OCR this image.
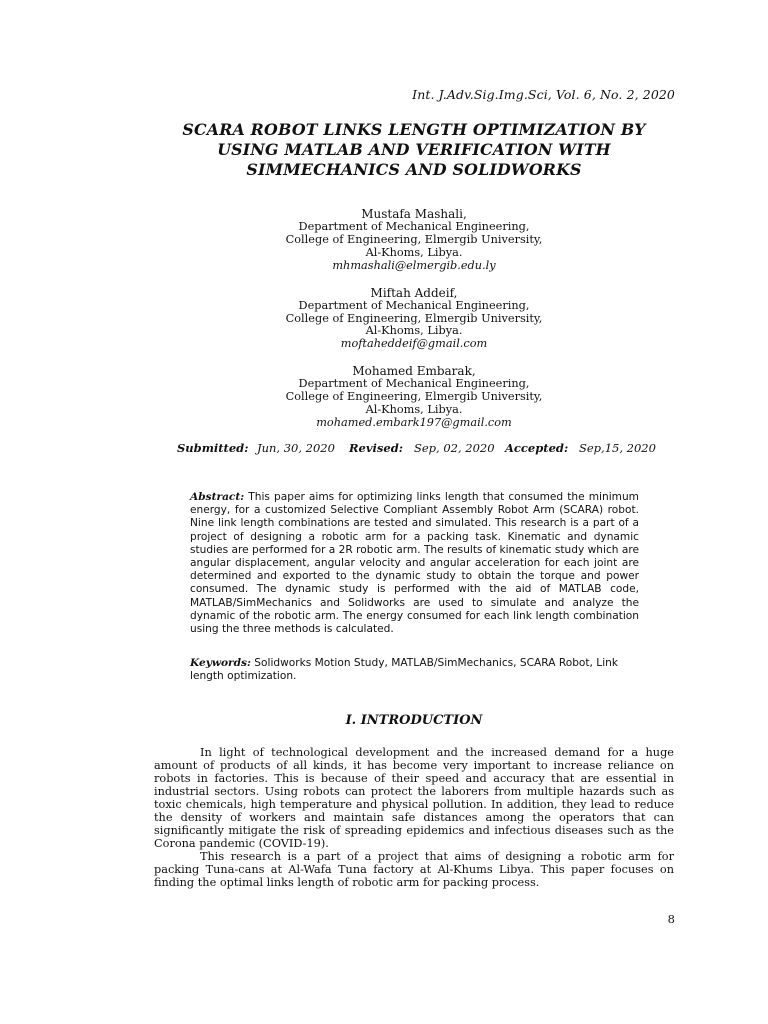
Int. J.Adv.Sig.Img.Sci, Vol. 6, No. 2, 2020
SCARA ROBOT LINKS LENGTH OPTIMIZATION BY
USING MATLAB AND VERIFICATION WITH
SIMMECHANICS AND SOLIDWORKS
Mustafa Mashali,
Department of Mechanical Engineering,
College of Engineering, Elmergib University,
Al-Khoms, Libya.
mhmashali@elmergib.edu.ly
Miftah Addeif,
Department of Mechanical Engineering,
College of Engineering, Elmergib University,
Al-Khoms, Libya.
moftaheddeif@gmail.com
Mohamed Embarak,
Department of Mechanical Engineering,
College of Engineering, Elmergib University,
Al-Khoms, Libya.
mohamed.embark197@gmail.com
Submitted: Jun, 30, 2020 Revised: Sep, 02, 2020 Accepted: Sep,15, 2020
Abstract: This paper aims for optimizing links length that consumed the minimum energy, for a customized Selective Compliant Assembly Robot Arm (SCARA) robot. Nine link length combinations are tested and simulated. This research is a part of a project of designing a robotic arm for a packing task. Kinematic and dynamic studies are performed for a 2R robotic arm. The results of kinematic study which are angular displacement, angular velocity and angular acceleration for each joint are determined and exported to the dynamic study to obtain the torque and power consumed. The dynamic study is performed with the aid of MATLAB code, MATLAB/SimMechanics and Solidworks are used to simulate and analyze the dynamic of the robotic arm. The energy consumed for each link length combination using the three methods is calculated.
Keywords: Solidworks Motion Study, MATLAB/SimMechanics, SCARA Robot, Link length optimization.
I. INTRODUCTION

In light of technological development and the increased demand for a huge amount of products of all kinds, it has become very important to increase reliance on robots in factories. This is because of their speed and accuracy that are essential in industrial sectors. Using robots can protect the laborers from multiple hazards such as toxic chemicals, high temperature and physical pollution. In addition, they lead to reduce the density of workers and maintain safe distances among the operators that can significantly mitigate the risk of spreading epidemics and infectious diseases such as the Corona pandemic (COVID-19).

This research is a part of a project that aims of designing a robotic arm for packing Tuna-cans at Al-Wafa Tuna factory at Al-Khums Libya. This paper focuses on finding the optimal links length of robotic arm for packing process.

8
